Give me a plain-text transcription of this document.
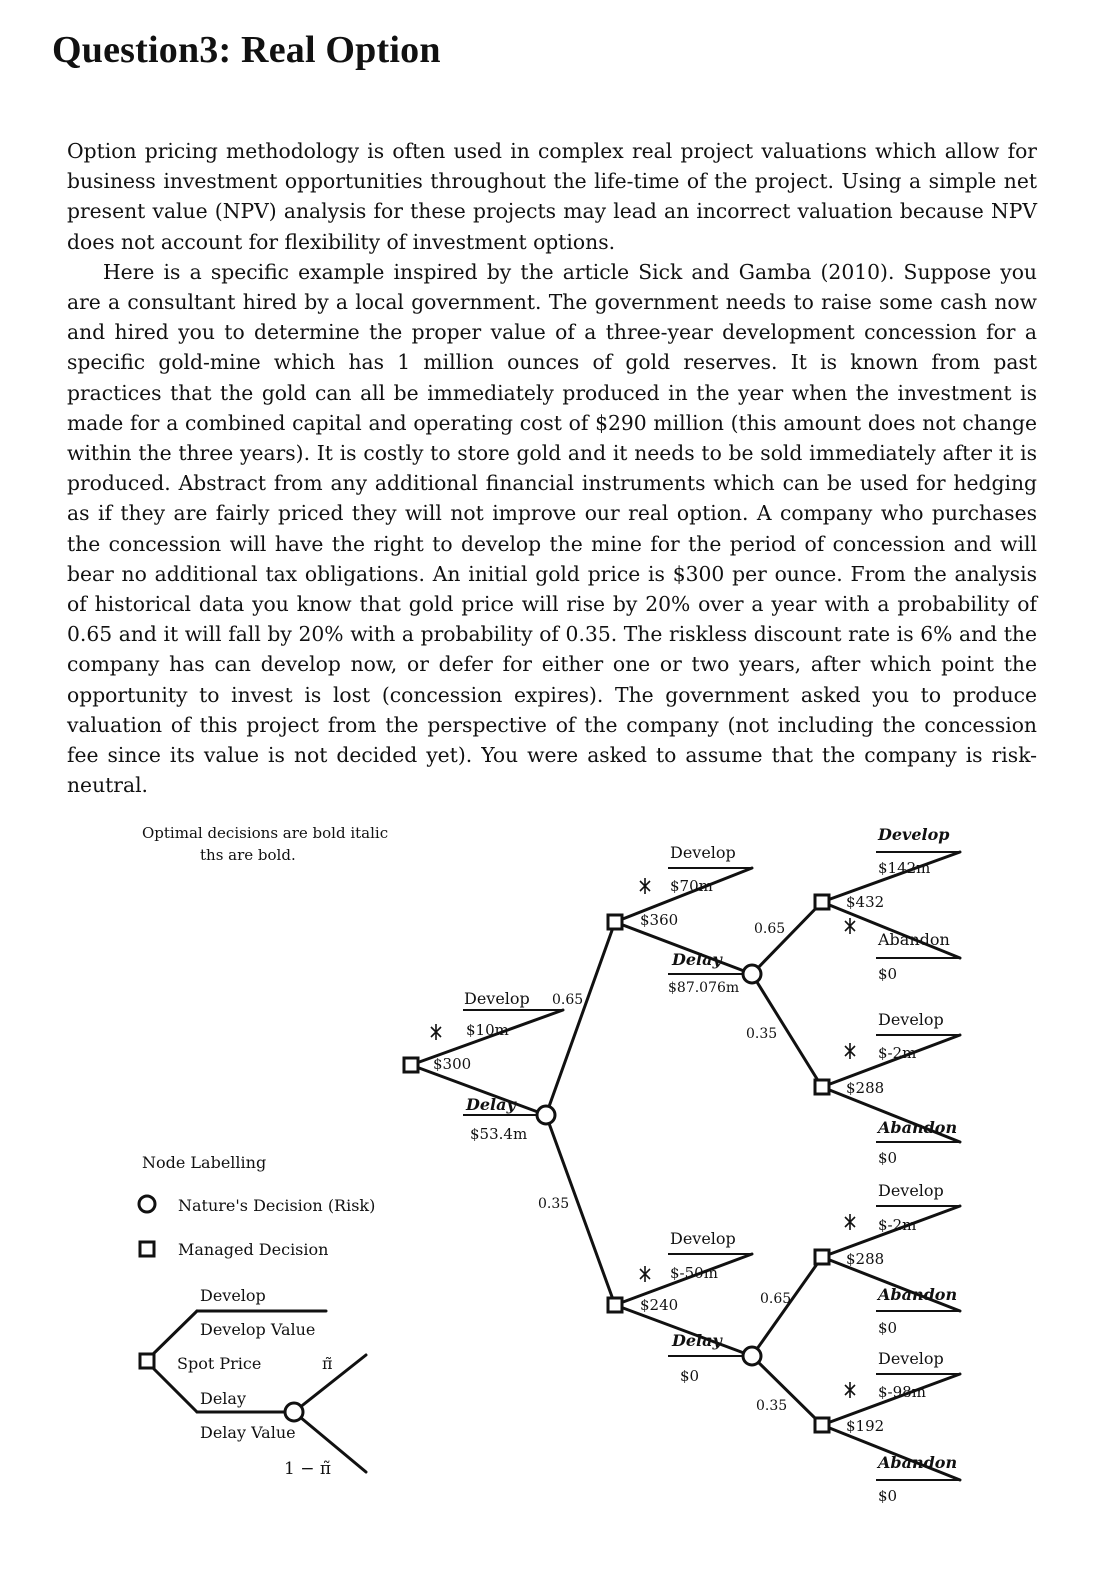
Question3: Real Option

Option pricing methodology is often used in complex real project valuations which allow for business investment opportunities throughout the life-time of the project. Using a simple net present value (NPV) analysis for these projects may lead an incorrect valuation because NPV does not account for flexibility of investment options.

Here is a specific example inspired by the article Sick and Gamba (2010). Suppose you are a consultant hired by a local government. The government needs to raise some cash now and hired you to determine the proper value of a three-year development concession for a specific gold-mine which has 1 million ounces of gold reserves. It is known from past practices that the gold can all be immediately produced in the year when the investment is made for a combined capital and operating cost of $290 million (this amount does not change within the three years). It is costly to store gold and it needs to be sold immediately after it is produced. Abstract from any additional financial instruments which can be used for hedging as if they are fairly priced they will not improve our real option. A company who purchases the concession will have the right to develop the mine for the period of concession and will bear no additional tax obligations. An initial gold price is $300 per ounce. From the analysis of historical data you know that gold price will rise by 20% over a year with a probability of 0.65 and it will fall by 20% with a probability of 0.35. The riskless discount rate is 6% and the company has can develop now, or defer for either one or two years, after which point the opportunity to invest is lost (concession expires). The government asked you to produce valuation of this project from the perspective of the company (not including the concession fee since its value is not decided yet). You were asked to assume that the company is risk-neutral.

Optimal decisions are bold italic
ths are bold.
Node Labelling
Nature's Decision (Risk)
Managed Decision
Develop
Develop Value
Spot Price	π̃
Delay
Delay Value
1 − π̃
Develop 0.65
$10m
$300
Delay
$53.4m
0.35
Develop
$70m
$360
Delay
$87.076m
0.65
0.35
Develop
$-50m
$240
Delay
$0
0.65
0.35
Develop
$142m
$432
Abandon
$0
Develop
$-2m
$288
Abandon
$0
Develop
$-2m
$288
Abandon
$0
Develop
$-98m
$192
Abandon
$0
